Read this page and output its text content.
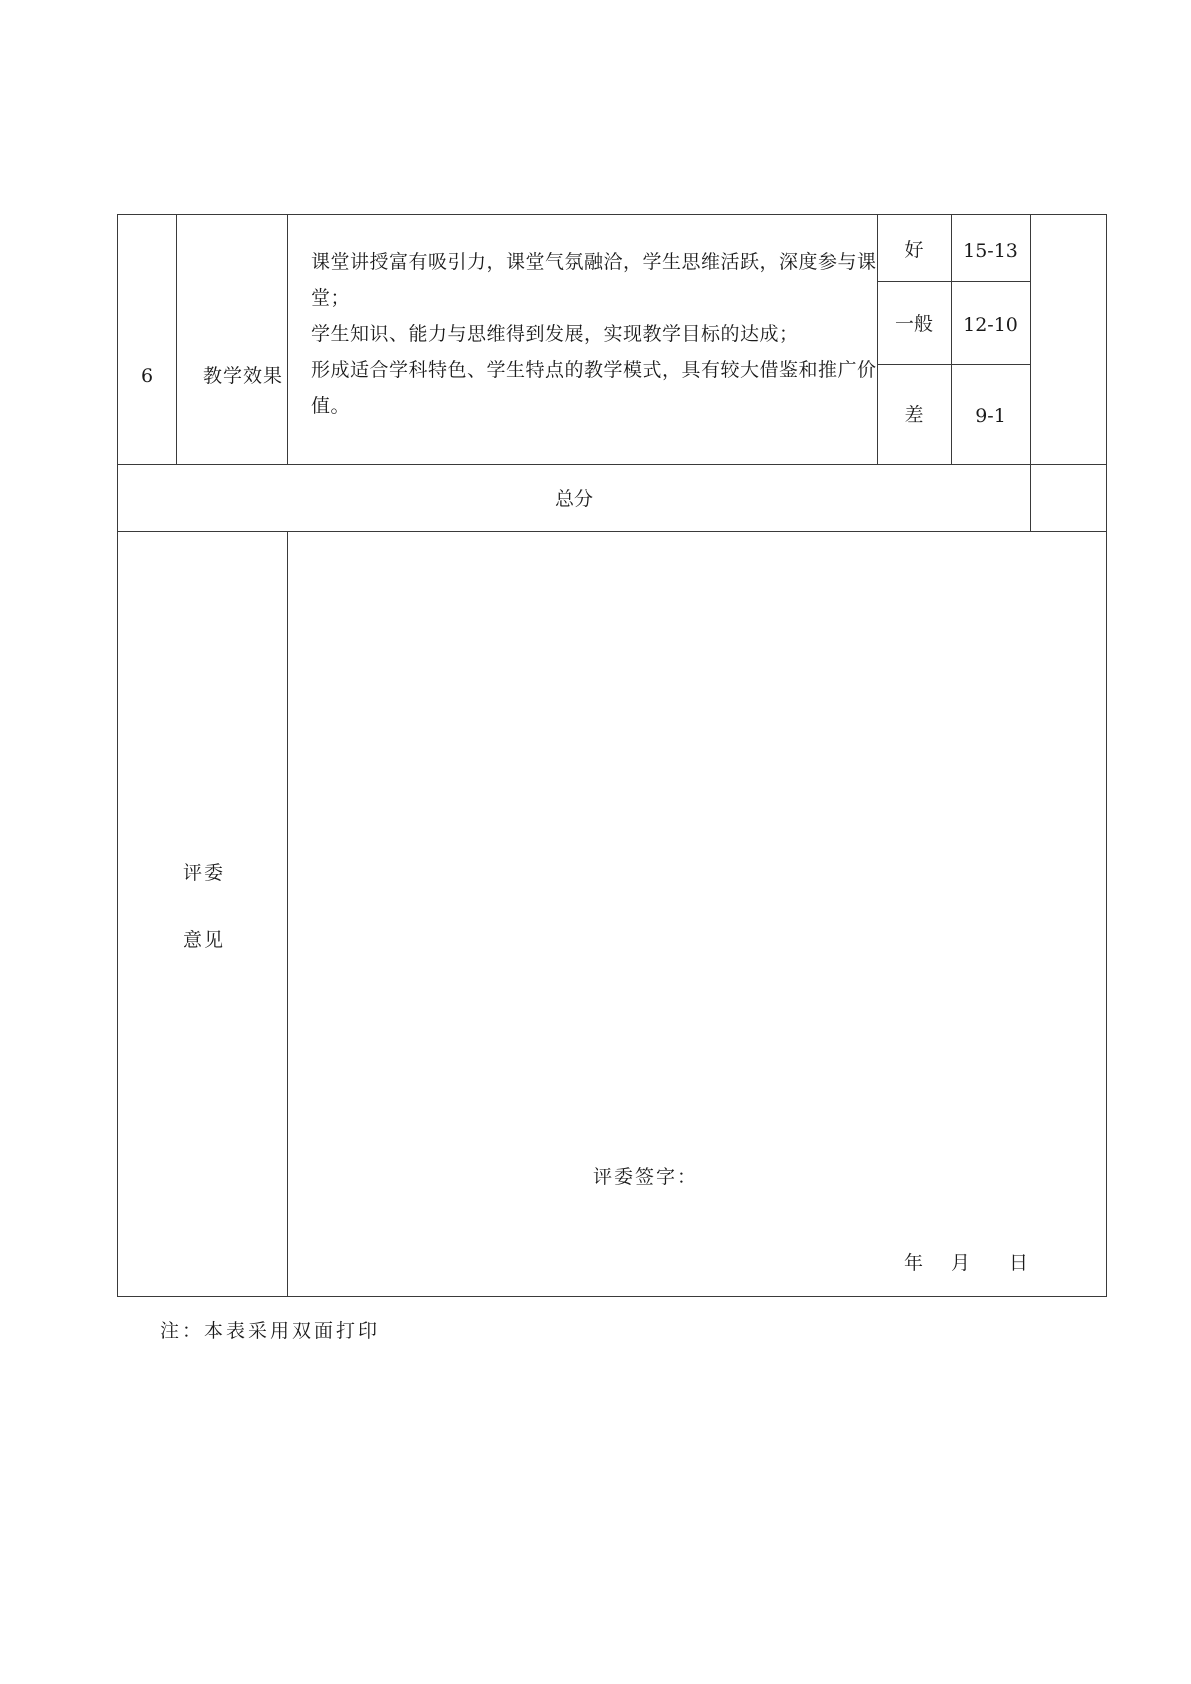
6	教学效果

课堂讲授富有吸引力，课堂气氛融洽，学生思维活跃，深度参与课堂；

学生知识、能力与思维得到发展，实现教学目标的达成；

形成适合学科特色、学生特点的教学模式，具有较大借鉴和推广价值。

好	15-13
一般	12-10
差	9-1
总分
评委
意见
评委签字：
年 月 日
注：本表采用双面打印
